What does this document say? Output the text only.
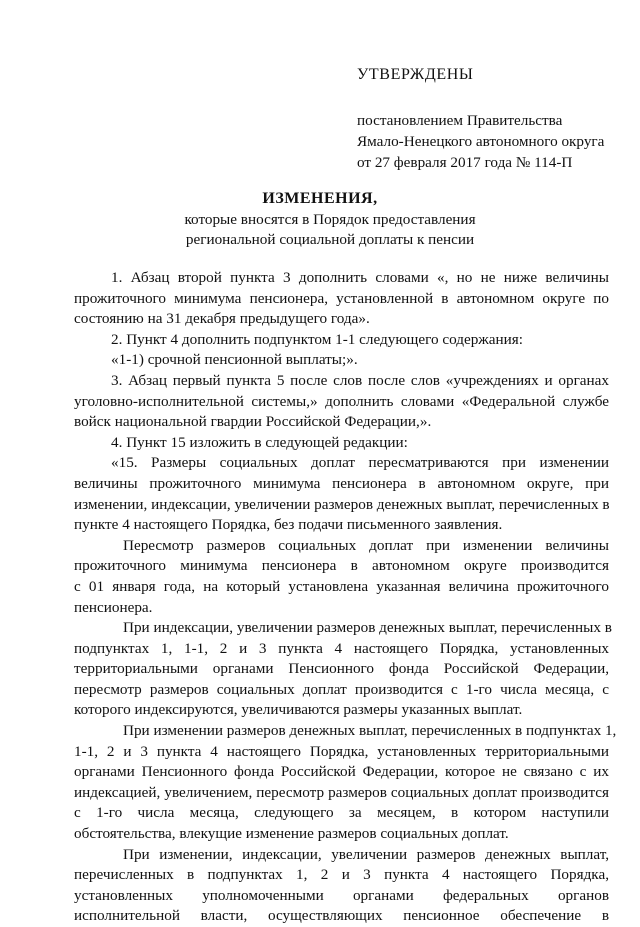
УТВЕРЖДЕНЫ
постановлением Правительства
Ямало-Ненецкого автономного округа
от 27 февраля 2017 года № 114-П
ИЗМЕНЕНИЯ,
которые вносятся в Порядок предоставления
региональной социальной доплаты к пенсии
1. Абзац второй пункта 3 дополнить словами «, но не ниже величины
прожиточного минимума пенсионера, установленной в автономном округе по
состоянию на 31 декабря предыдущего года».
2. Пункт 4 дополнить подпунктом 1-1 следующего содержания:
«1-1) срочной пенсионной выплаты;».
3. Абзац первый пункта 5 после слов после слов «учреждениях и органах
уголовно-исполнительной системы,» дополнить словами «Федеральной службе
войск национальной гвардии Российской Федерации,».
4. Пункт 15 изложить в следующей редакции:
«15. Размеры социальных доплат пересматриваются при изменении
величины прожиточного минимума пенсионера в автономном округе, при
изменении, индексации, увеличении размеров денежных выплат, перечисленных в
пункте 4 настоящего Порядка, без подачи письменного заявления.
Пересмотр размеров социальных доплат при изменении величины
прожиточного минимума пенсионера в автономном округе производится
с 01 января года, на который установлена указанная величина прожиточного
пенсионера.
При индексации, увеличении размеров денежных выплат, перечисленных в
подпунктах 1, 1-1, 2 и 3 пункта 4 настоящего Порядка, установленных
территориальными органами Пенсионного фонда Российской Федерации,
пересмотр размеров социальных доплат производится с 1-го числа месяца, с
которого индексируются, увеличиваются размеры указанных выплат.
При изменении размеров денежных выплат, перечисленных в подпунктах 1,
1-1, 2 и 3 пункта 4 настоящего Порядка, установленных территориальными
органами Пенсионного фонда Российской Федерации, которое не связано с их
индексацией, увеличением, пересмотр размеров социальных доплат производится
с 1-го числа месяца, следующего за месяцем, в котором наступили
обстоятельства, влекущие изменение размеров социальных доплат.
При изменении, индексации, увеличении размеров денежных выплат,
перечисленных в подпунктах 1, 2 и 3 пункта 4 настоящего Порядка,
установленных уполномоченными органами федеральных органов
исполнительной власти, осуществляющих пенсионное обеспечение в
